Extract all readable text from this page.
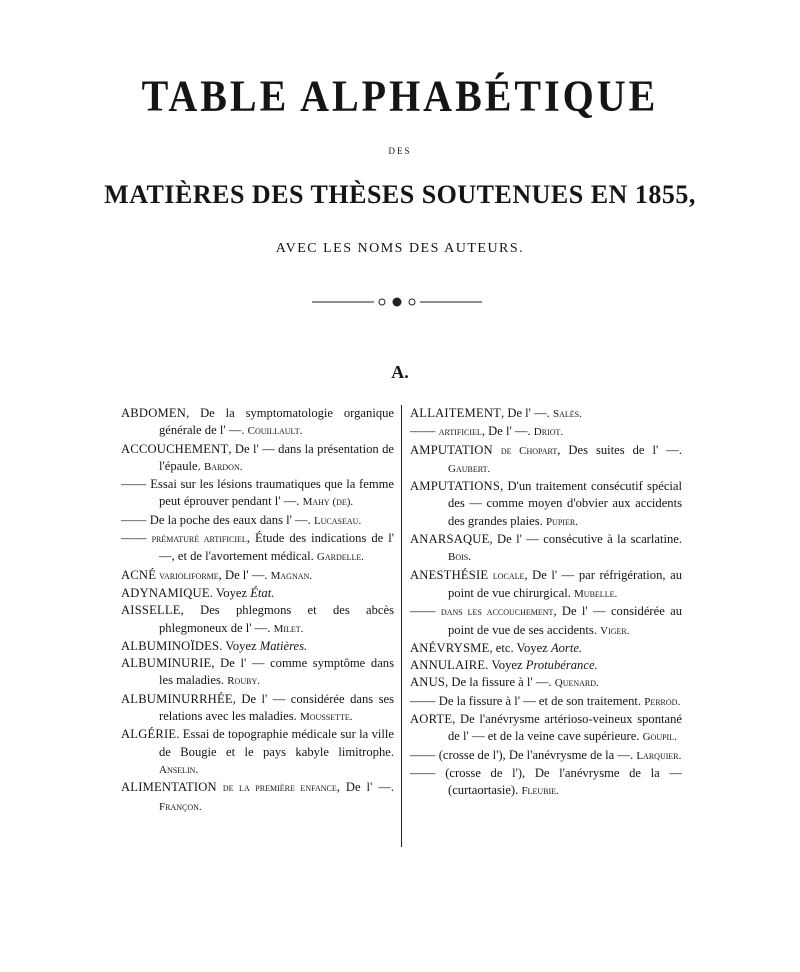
TABLE ALPHABÉTIQUE
DES
MATIÈRES DES THÈSES SOUTENUES EN 1855,
AVEC LES NOMS DES AUTEURS.
A.
ABDOMEN, De la symptomatologie organique générale de l' —. Couillault.
ACCOUCHEMENT, De l' — dans la présentation de l'épaule. Bardon.
—— Essai sur les lésions traumatiques que la femme peut éprouver pendant l' —. Mahy (de).
—— De la poche des eaux dans l' —. Lucaseau.
—— prématuré artificiel, Étude des indications de l' —, et de l'avortement médical. Gardelle.
ACNÉ varioliforme, De l' —. Magnan.
ADYNAMIQUE. Voyez État.
AISSELLE, Des phlegmons et des abcès phlegmoneux de l' —. Milet.
ALBUMINOÏDES. Voyez Matières.
ALBUMINURIE, De l' — comme symptôme dans les maladies. Rouby.
ALBUMINURRHÉE, De l' — considérée dans ses relations avec les maladies. Moussette.
ALGÉRIE. Essai de topographie médicale sur la ville de Bougie et le pays kabyle limitrophe. Anselin.
ALIMENTATION de la première enfance, De l' —. Françon.
ALLAITEMENT, De l' —. Salès.
—— artificiel, De l' —. Driot.
AMPUTATION de Chopart, Des suites de l' —. Gaubert.
AMPUTATIONS, D'un traitement consécutif spécial des — comme moyen d'obvier aux accidents des grandes plaies. Pupier.
ANARSAQUE, De l' — consécutive à la scarlatine. Bois.
ANESTHÉSIE locale, De l' — par réfrigération, au point de vue chirurgical. Mubelle.
—— dans les accouchement, De l' — considérée au point de vue de ses accidents. Viger.
ANÉVRYSME, etc. Voyez Aorte.
ANNULAIRE. Voyez Protubérance.
ANUS, De la fissure à l' —. Quenard.
—— De la fissure à l' — et de son traitement. Perrod.
AORTE, De l'anévrysme artérioso-veineux spontané de l' — et de la veine cave supérieure. Goupil.
—— (crosse de l'), De l'anévrysme de la —. Larquier.
—— (crosse de l'), De l'anévrysme de la — (curtaortasie). Fleubie.
